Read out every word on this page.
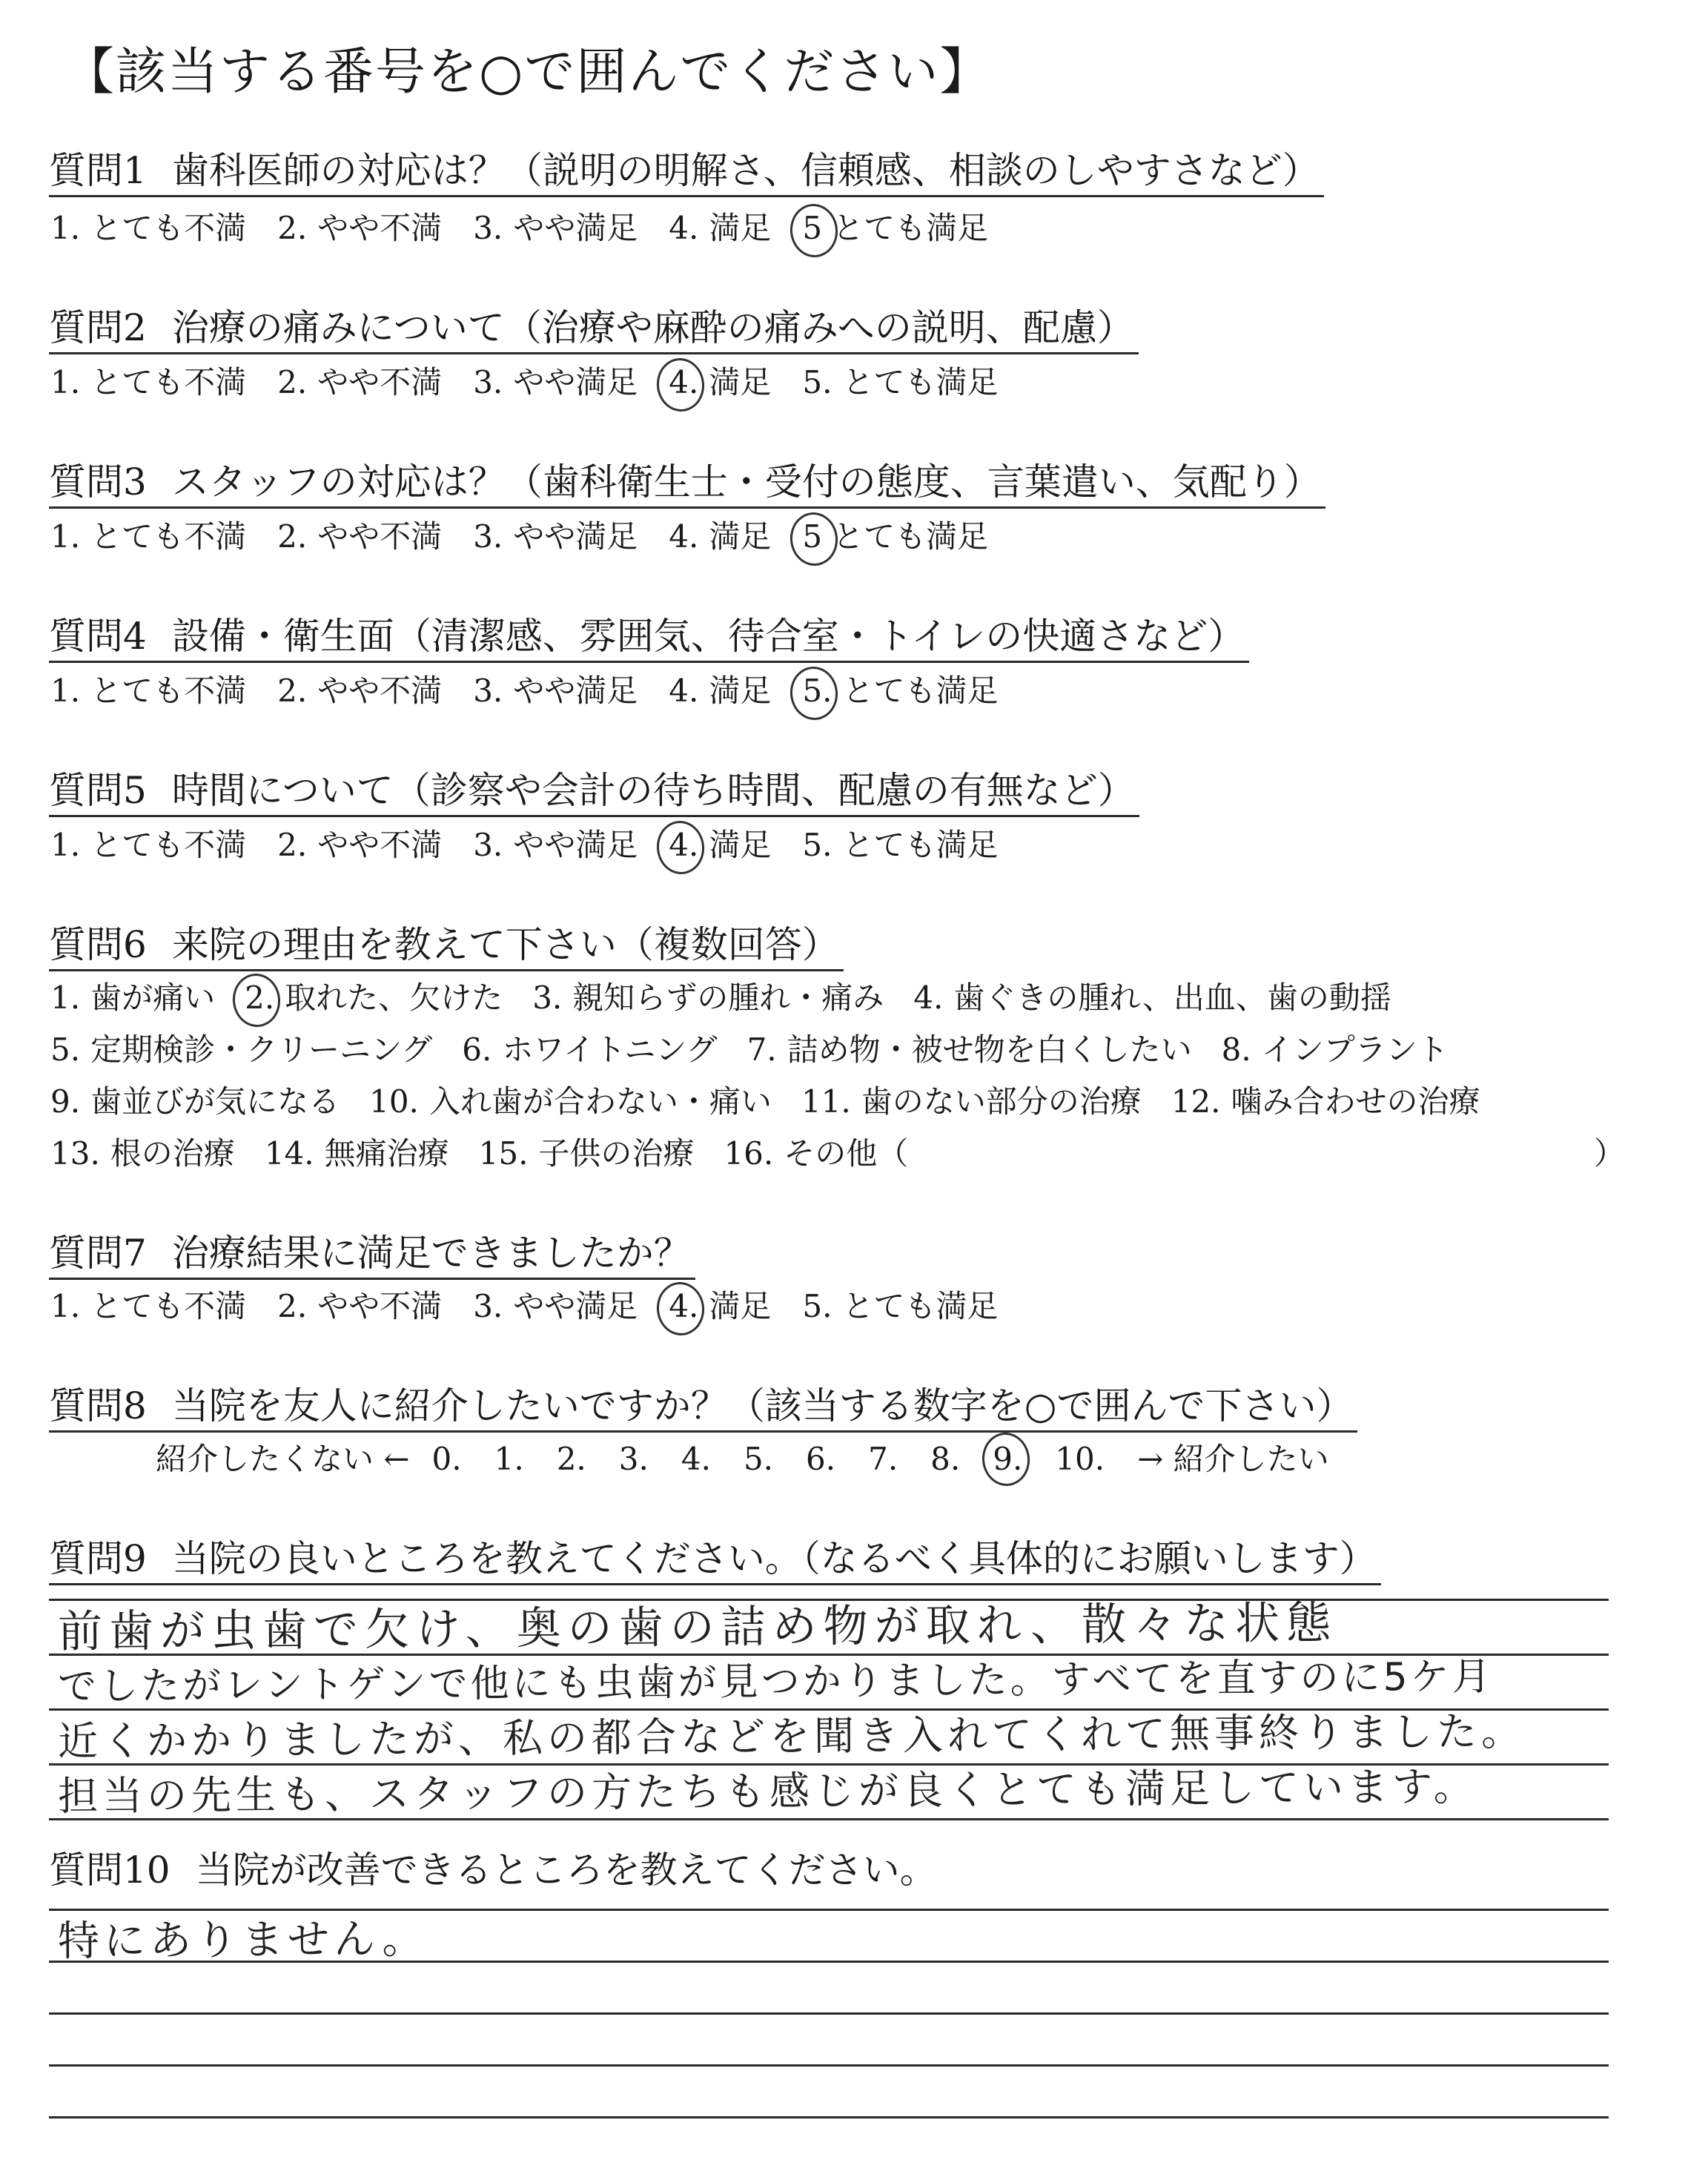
【該当する番号を○で囲んでください】
質問1 歯科医師の対応は？（説明の明解さ、信頼感、相談のしやすさなど）
1. とても不満 2. やや不満 3. やや満足 4. 満足 5 とても満足
質問2 治療の痛みについて（治療や麻酔の痛みへの説明、配慮）
1. とても不満 2. やや不満 3. やや満足 4. 満足 5. とても満足
質問3 スタッフの対応は？（歯科衛生士・受付の態度、言葉遣い、気配り）
1. とても不満 2. やや不満 3. やや満足 4. 満足 5 とても満足
質問4 設備・衛生面（清潔感、雰囲気、待合室・トイレの快適さなど）
1. とても不満 2. やや不満 3. やや満足 4. 満足 5. とても満足
質問5 時間について（診察や会計の待ち時間、配慮の有無など）
1. とても不満 2. やや不満 3. やや満足 4. 満足 5. とても満足
質問6 来院の理由を教えて下さい（複数回答）
1. 歯が痛い 2. 取れた、欠けた 3. 親知らずの腫れ・痛み 4. 歯ぐきの腫れ、出血、歯の動揺
5. 定期検診・クリーニング 6. ホワイトニング 7. 詰め物・被せ物を白くしたい 8. インプラント
9. 歯並びが気になる 10. 入れ歯が合わない・痛い 11. 歯のない部分の治療 12. 噛み合わせの治療
13. 根の治療 14. 無痛治療 15. 子供の治療 16. その他（	）
質問7 治療結果に満足できましたか？
1. とても不満 2. やや不満 3. やや満足 4. 満足 5. とても満足
質問8 当院を友人に紹介したいですか？（該当する数字を○で囲んで下さい）
紹介したくない ← 0. 1. 2. 3. 4. 5. 6. 7. 8. 9. 10. → 紹介したい
質問9 当院の良いところを教えてください。（なるべく具体的にお願いします）
前歯が虫歯で欠け、奥の歯の詰め物が取れ、散々な状態
でしたがレントゲンで他にも虫歯が見つかりました。すべてを直すのに5ケ月
近くかかりましたが、私の都合などを聞き入れてくれて無事終りました。
担当の先生も、スタッフの方たちも感じが良くとても満足しています。
質問10 当院が改善できるところを教えてください。
特にありません。
